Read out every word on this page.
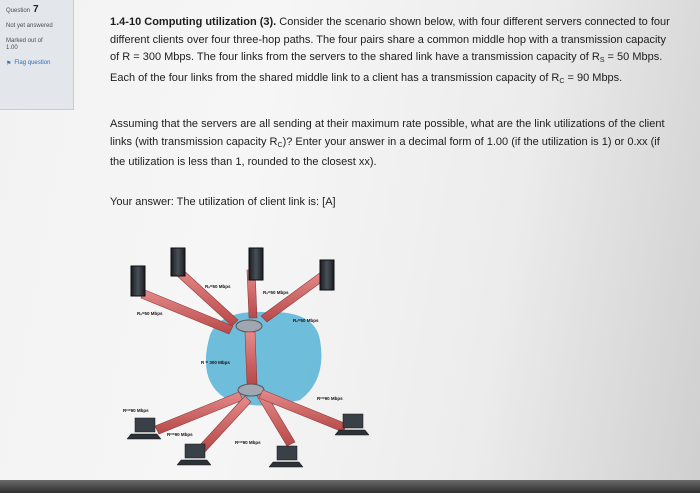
Question 7
Not yet answered
Marked out of
1.00
⚑ Flag question

1.4-10 Computing utilization (3). Consider the scenario shown below, with four different servers connected to four different clients over four three-hop paths. The four pairs share a common middle hop with a transmission capacity of R = 300 Mbps. The four links from the servers to the shared link have a transmission capacity of $R_S = 50$ Mbps. Each of the four links from the shared middle link to a client has a transmission capacity of $R_C = 90$ Mbps.

Assuming that the servers are all sending at their maximum rate possible, what are the link utilizations of the client links (with transmission capacity $R_C$)? Enter your answer in a decimal form of 1.00 (if the utilization is 1) or 0.xx (if the utilization is less than 1, rounded to the closest xx).

Your answer: The utilization of client link is: [A]

Rₛ=50 Mbps
Rₛ=50 Mbps
Rₛ=50 Mbps
Rₛ=50 Mbps
R = 300 Mbps
Rᶜ=90 Mbps
Rᶜ=90 Mbps
Rᶜ=90 Mbps
Rᶜ=90 Mbps
